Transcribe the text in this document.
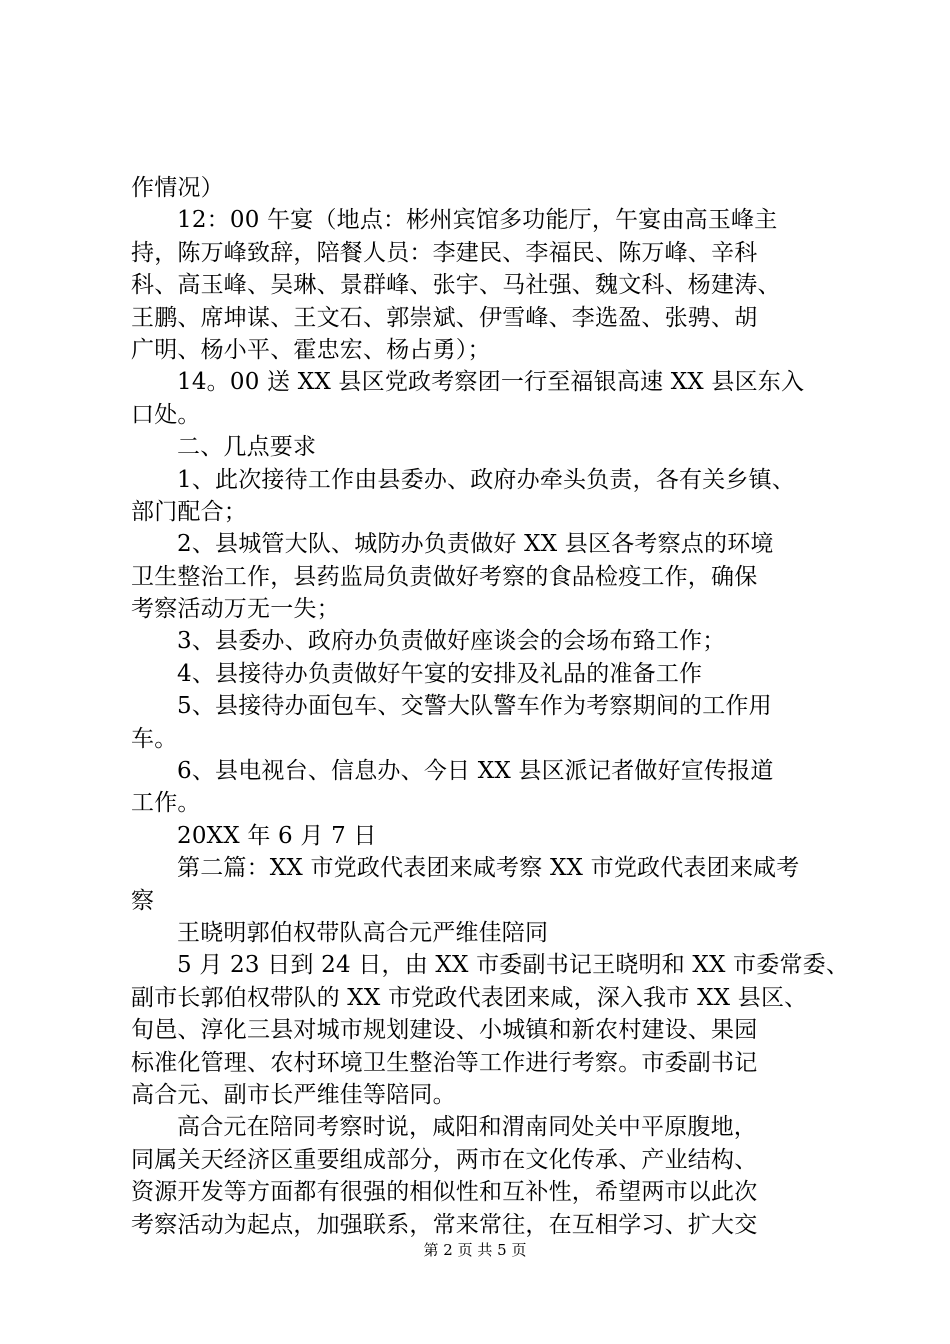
作情况）
12：00 午宴（地点：彬州宾馆多功能厅，午宴由高玉峰主
持，陈万峰致辞，陪餐人员：李建民、李福民、陈万峰、辛科
科、高玉峰、吴琳、景群峰、张宇、马社强、魏文科、杨建涛、
王鹏、席坤谋、王文石、郭崇斌、伊雪峰、李选盈、张骋、胡
广明、杨小平、霍忠宏、杨占勇）；
14。00 送 XX 县区党政考察团一行至福银高速 XX 县区东入
口处。
二、几点要求
1、此次接待工作由县委办、政府办牵头负责，各有关乡镇、
部门配合；
2、县城管大队、城防办负责做好 XX 县区各考察点的环境
卫生整治工作，县药监局负责做好考察的食品检疫工作，确保
考察活动万无一失；
3、县委办、政府办负责做好座谈会的会场布臵工作；
4、县接待办负责做好午宴的安排及礼品的准备工作
5、县接待办面包车、交警大队警车作为考察期间的工作用
车。
6、县电视台、信息办、今日 XX 县区派记者做好宣传报道
工作。
20XX 年 6 月 7 日
第二篇：XX 市党政代表团来咸考察 XX 市党政代表团来咸考
察
王晓明郭伯权带队高合元严维佳陪同
5 月 23 日到 24 日，由 XX 市委副书记王晓明和 XX 市委常委、
副市长郭伯权带队的 XX 市党政代表团来咸，深入我市 XX 县区、
旬邑、淳化三县对城市规划建设、小城镇和新农村建设、果园
标准化管理、农村环境卫生整治等工作进行考察。市委副书记
高合元、副市长严维佳等陪同。
高合元在陪同考察时说，咸阳和渭南同处关中平原腹地，
同属关天经济区重要组成部分，两市在文化传承、产业结构、
资源开发等方面都有很强的相似性和互补性，希望两市以此次
考察活动为起点，加强联系，常来常往，在互相学习、扩大交
第 2 页 共 5 页
